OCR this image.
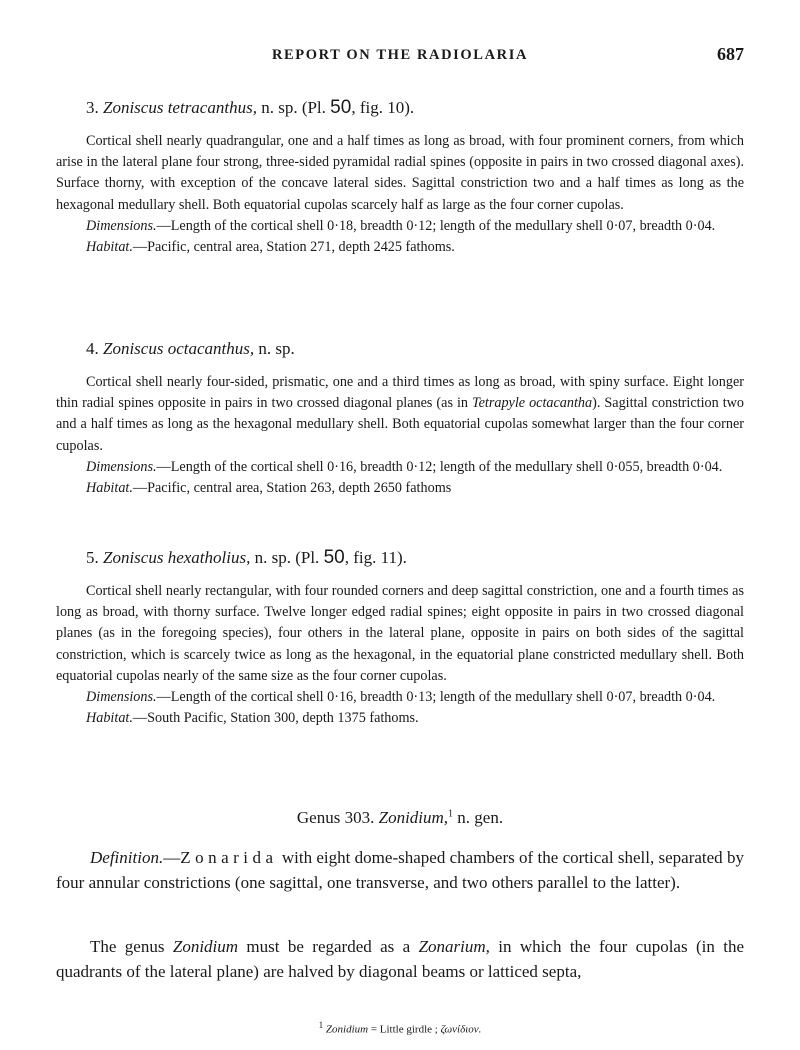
REPORT ON THE RADIOLARIA	687
3. Zoniscus tetracanthus, n. sp. (Pl. 50, fig. 10).

Cortical shell nearly quadrangular, one and a half times as long as broad, with four prominent corners, from which arise in the lateral plane four strong, three-sided pyramidal radial spines (opposite in pairs in two crossed diagonal axes). Surface thorny, with exception of the concave lateral sides. Sagittal constriction two and a half times as long as the hexagonal medullary shell. Both equatorial cupolas scarcely half as large as the four corner cupolas.

Dimensions.—Length of the cortical shell 0·18, breadth 0·12; length of the medullary shell 0·07, breadth 0·04.

Habitat.—Pacific, central area, Station 271, depth 2425 fathoms.

4. Zoniscus octacanthus, n. sp.

Cortical shell nearly four-sided, prismatic, one and a third times as long as broad, with spiny surface. Eight longer thin radial spines opposite in pairs in two crossed diagonal planes (as in Tetrapyle octacantha). Sagittal constriction two and a half times as long as the hexagonal medullary shell. Both equatorial cupolas somewhat larger than the four corner cupolas.

Dimensions.—Length of the cortical shell 0·16, breadth 0·12; length of the medullary shell 0·055, breadth 0·04.

Habitat.—Pacific, central area, Station 263, depth 2650 fathoms

5. Zoniscus hexatholius, n. sp. (Pl. 50, fig. 11).

Cortical shell nearly rectangular, with four rounded corners and deep sagittal constriction, one and a fourth times as long as broad, with thorny surface. Twelve longer edged radial spines; eight opposite in pairs in two crossed diagonal planes (as in the foregoing species), four others in the lateral plane, opposite in pairs on both sides of the sagittal constriction, which is scarcely twice as long as the hexagonal, in the equatorial plane constricted medullary shell. Both equatorial cupolas nearly of the same size as the four corner cupolas.

Dimensions.—Length of the cortical shell 0·16, breadth 0·13; length of the medullary shell 0·07, breadth 0·04.

Habitat.—South Pacific, Station 300, depth 1375 fathoms.

Genus 303. Zonidium,$^1$ n. gen.

Definition.—Zonarida with eight dome-shaped chambers of the cortical shell, separated by four annular constrictions (one sagittal, one transverse, and two others parallel to the latter).

The genus Zonidium must be regarded as a Zonarium, in which the four cupolas (in the quadrants of the lateral plane) are halved by diagonal beams or latticed septa,

$^1$ Zonidium = Little girdle ; ζωνίδιον.
